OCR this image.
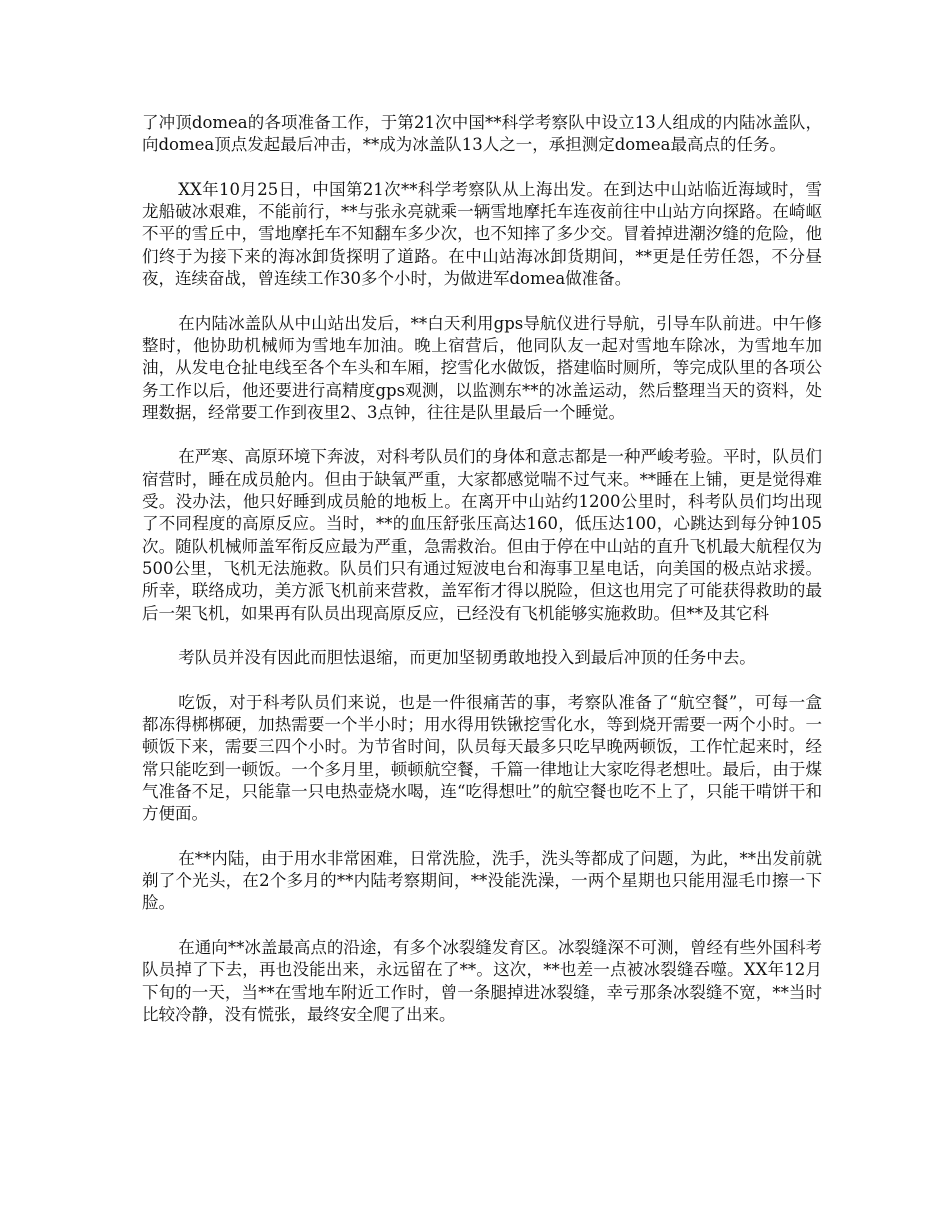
了冲顶domea的各项准备工作，于第21次中国**科学考察队中设立13人组成的内陆冰盖队，向domea顶点发起最后冲击，**成为冰盖队13人之一，承担测定domea最高点的任务。

XX年10月25日，中国第21次**科学考察队从上海出发。在到达中山站临近海域时，雪龙船破冰艰难，不能前行，**与张永亮就乘一辆雪地摩托车连夜前往中山站方向探路。在崎岖不平的雪丘中，雪地摩托车不知翻车多少次，也不知摔了多少交。冒着掉进潮汐缝的危险，他们终于为接下来的海冰卸货探明了道路。在中山站海冰卸货期间，**更是任劳任怨，不分昼夜，连续奋战，曾连续工作30多个小时，为做进军domea做准备。

在内陆冰盖队从中山站出发后，**白天利用gps导航仪进行导航，引导车队前进。中午修整时，他协助机械师为雪地车加油。晚上宿营后，他同队友一起对雪地车除冰，为雪地车加油，从发电仓扯电线至各个车头和车厢，挖雪化水做饭，搭建临时厕所，等完成队里的各项公务工作以后，他还要进行高精度gps观测，以监测东**的冰盖运动，然后整理当天的资料，处理数据，经常要工作到夜里2、3点钟，往往是队里最后一个睡觉。

在严寒、高原环境下奔波，对科考队员们的身体和意志都是一种严峻考验。平时，队员们宿营时，睡在成员舱内。但由于缺氧严重，大家都感觉喘不过气来。**睡在上铺，更是觉得难受。没办法，他只好睡到成员舱的地板上。在离开中山站约1200公里时，科考队员们均出现了不同程度的高原反应。当时，**的血压舒张压高达160，低压达100，心跳达到每分钟105次。随队机械师盖军衔反应最为严重，急需救治。但由于停在中山站的直升飞机最大航程仅为500公里，飞机无法施救。队员们只有通过短波电台和海事卫星电话，向美国的极点站求援。所幸，联络成功，美方派飞机前来营救，盖军衔才得以脱险，但这也用完了可能获得救助的最后一架飞机，如果再有队员出现高原反应，已经没有飞机能够实施救助。但**及其它科

考队员并没有因此而胆怯退缩，而更加坚韧勇敢地投入到最后冲顶的任务中去。

吃饭，对于科考队员们来说，也是一件很痛苦的事，考察队准备了“航空餐”，可每一盒都冻得梆梆硬，加热需要一个半小时；用水得用铁锹挖雪化水，等到烧开需要一两个小时。一顿饭下来，需要三四个小时。为节省时间，队员每天最多只吃早晚两顿饭，工作忙起来时，经常只能吃到一顿饭。一个多月里，顿顿航空餐，千篇一律地让大家吃得老想吐。最后，由于煤气准备不足，只能靠一只电热壶烧水喝，连“吃得想吐”的航空餐也吃不上了，只能干啃饼干和方便面。

在**内陆，由于用水非常困难，日常洗脸，洗手，洗头等都成了问题，为此，**出发前就剃了个光头，在2个多月的**内陆考察期间，**没能洗澡，一两个星期也只能用湿毛巾擦一下脸。

在通向**冰盖最高点的沿途，有多个冰裂缝发育区。冰裂缝深不可测，曾经有些外国科考队员掉了下去，再也没能出来，永远留在了**。这次，**也差一点被冰裂缝吞噬。XX年12月下旬的一天，当**在雪地车附近工作时，曾一条腿掉进冰裂缝，幸亏那条冰裂缝不宽，**当时比较冷静，没有慌张，最终安全爬了出来。
